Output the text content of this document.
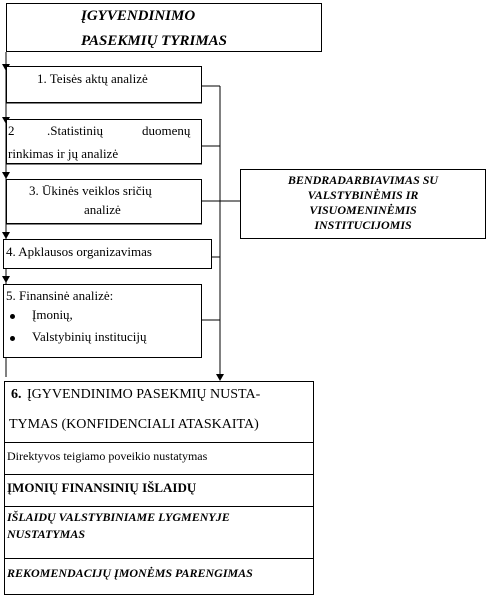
ĮGYVENDINIMO
PASEKMIŲ TYRIMAS
1. Teisės aktų analizė
2	.Statistinių	duomenų
rinkimas ir jų analizė
3. Ūkinės veiklos sričių
analizė
4. Apklausos organizavimas
5. Finansinė analizė:
Įmonių,
Valstybinių institucijų
BENDRADARBIAVIMAS SU
VALSTYBINĖMIS IR
VISUOMENINĖMIS
INSTITUCIJOMIS
6. ĮGYVENDINIMO PASEKMIŲ NUSTA-
TYMAS (KONFIDENCIALI ATASKAITA)
Direktyvos teigiamo poveikio nustatymas
ĮMONIŲ FINANSINIŲ IŠLAIDŲ
IŠLAIDŲ VALSTYBINIAME LYGMENYJE
NUSTATYMAS
REKOMENDACIJŲ ĮMONĖMS PARENGIMAS
